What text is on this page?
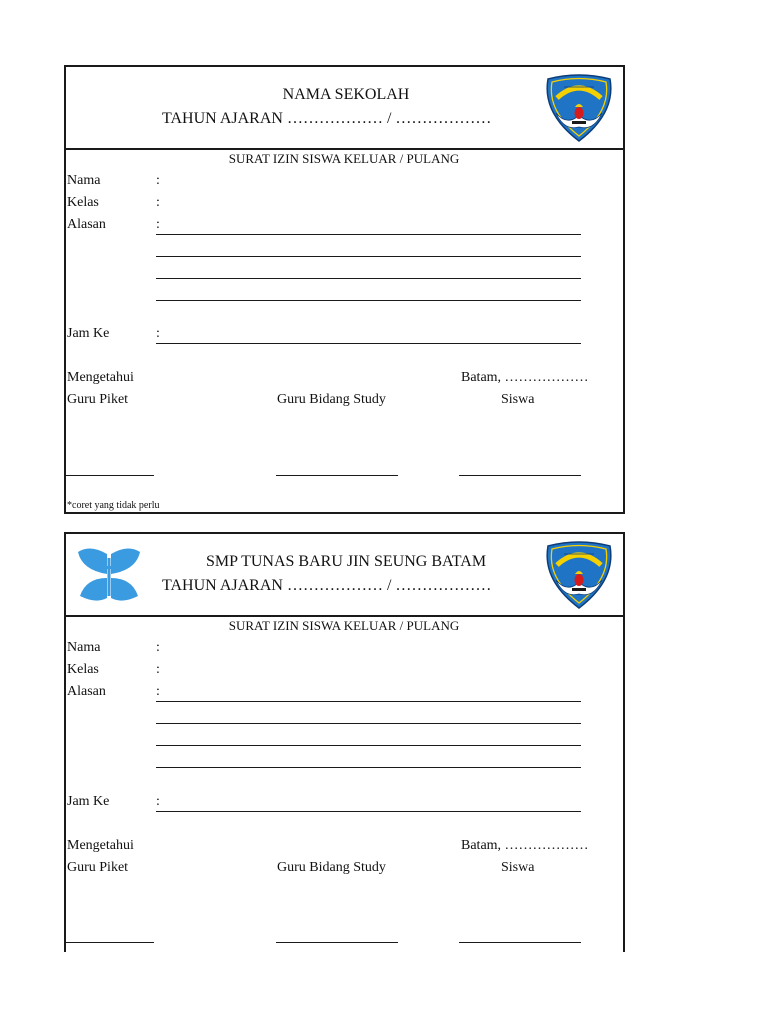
NAMA SEKOLAH
TAHUN AJARAN ……………… / ………………
SURAT IZIN SISWA KELUAR / PULANG
Nama	:
Kelas	:
Alasan	:
Jam Ke	:
Mengetahui	Batam, ………………
Guru Piket	Guru Bidang Study	Siswa
*coret yang tidak perlu
SMP TUNAS BARU JIN SEUNG BATAM
TAHUN AJARAN ……………… / ………………
SURAT IZIN SISWA KELUAR / PULANG
Nama	:
Kelas	:
Alasan	:
Jam Ke	:
Mengetahui	Batam, ………………
Guru Piket	Guru Bidang Study	Siswa
